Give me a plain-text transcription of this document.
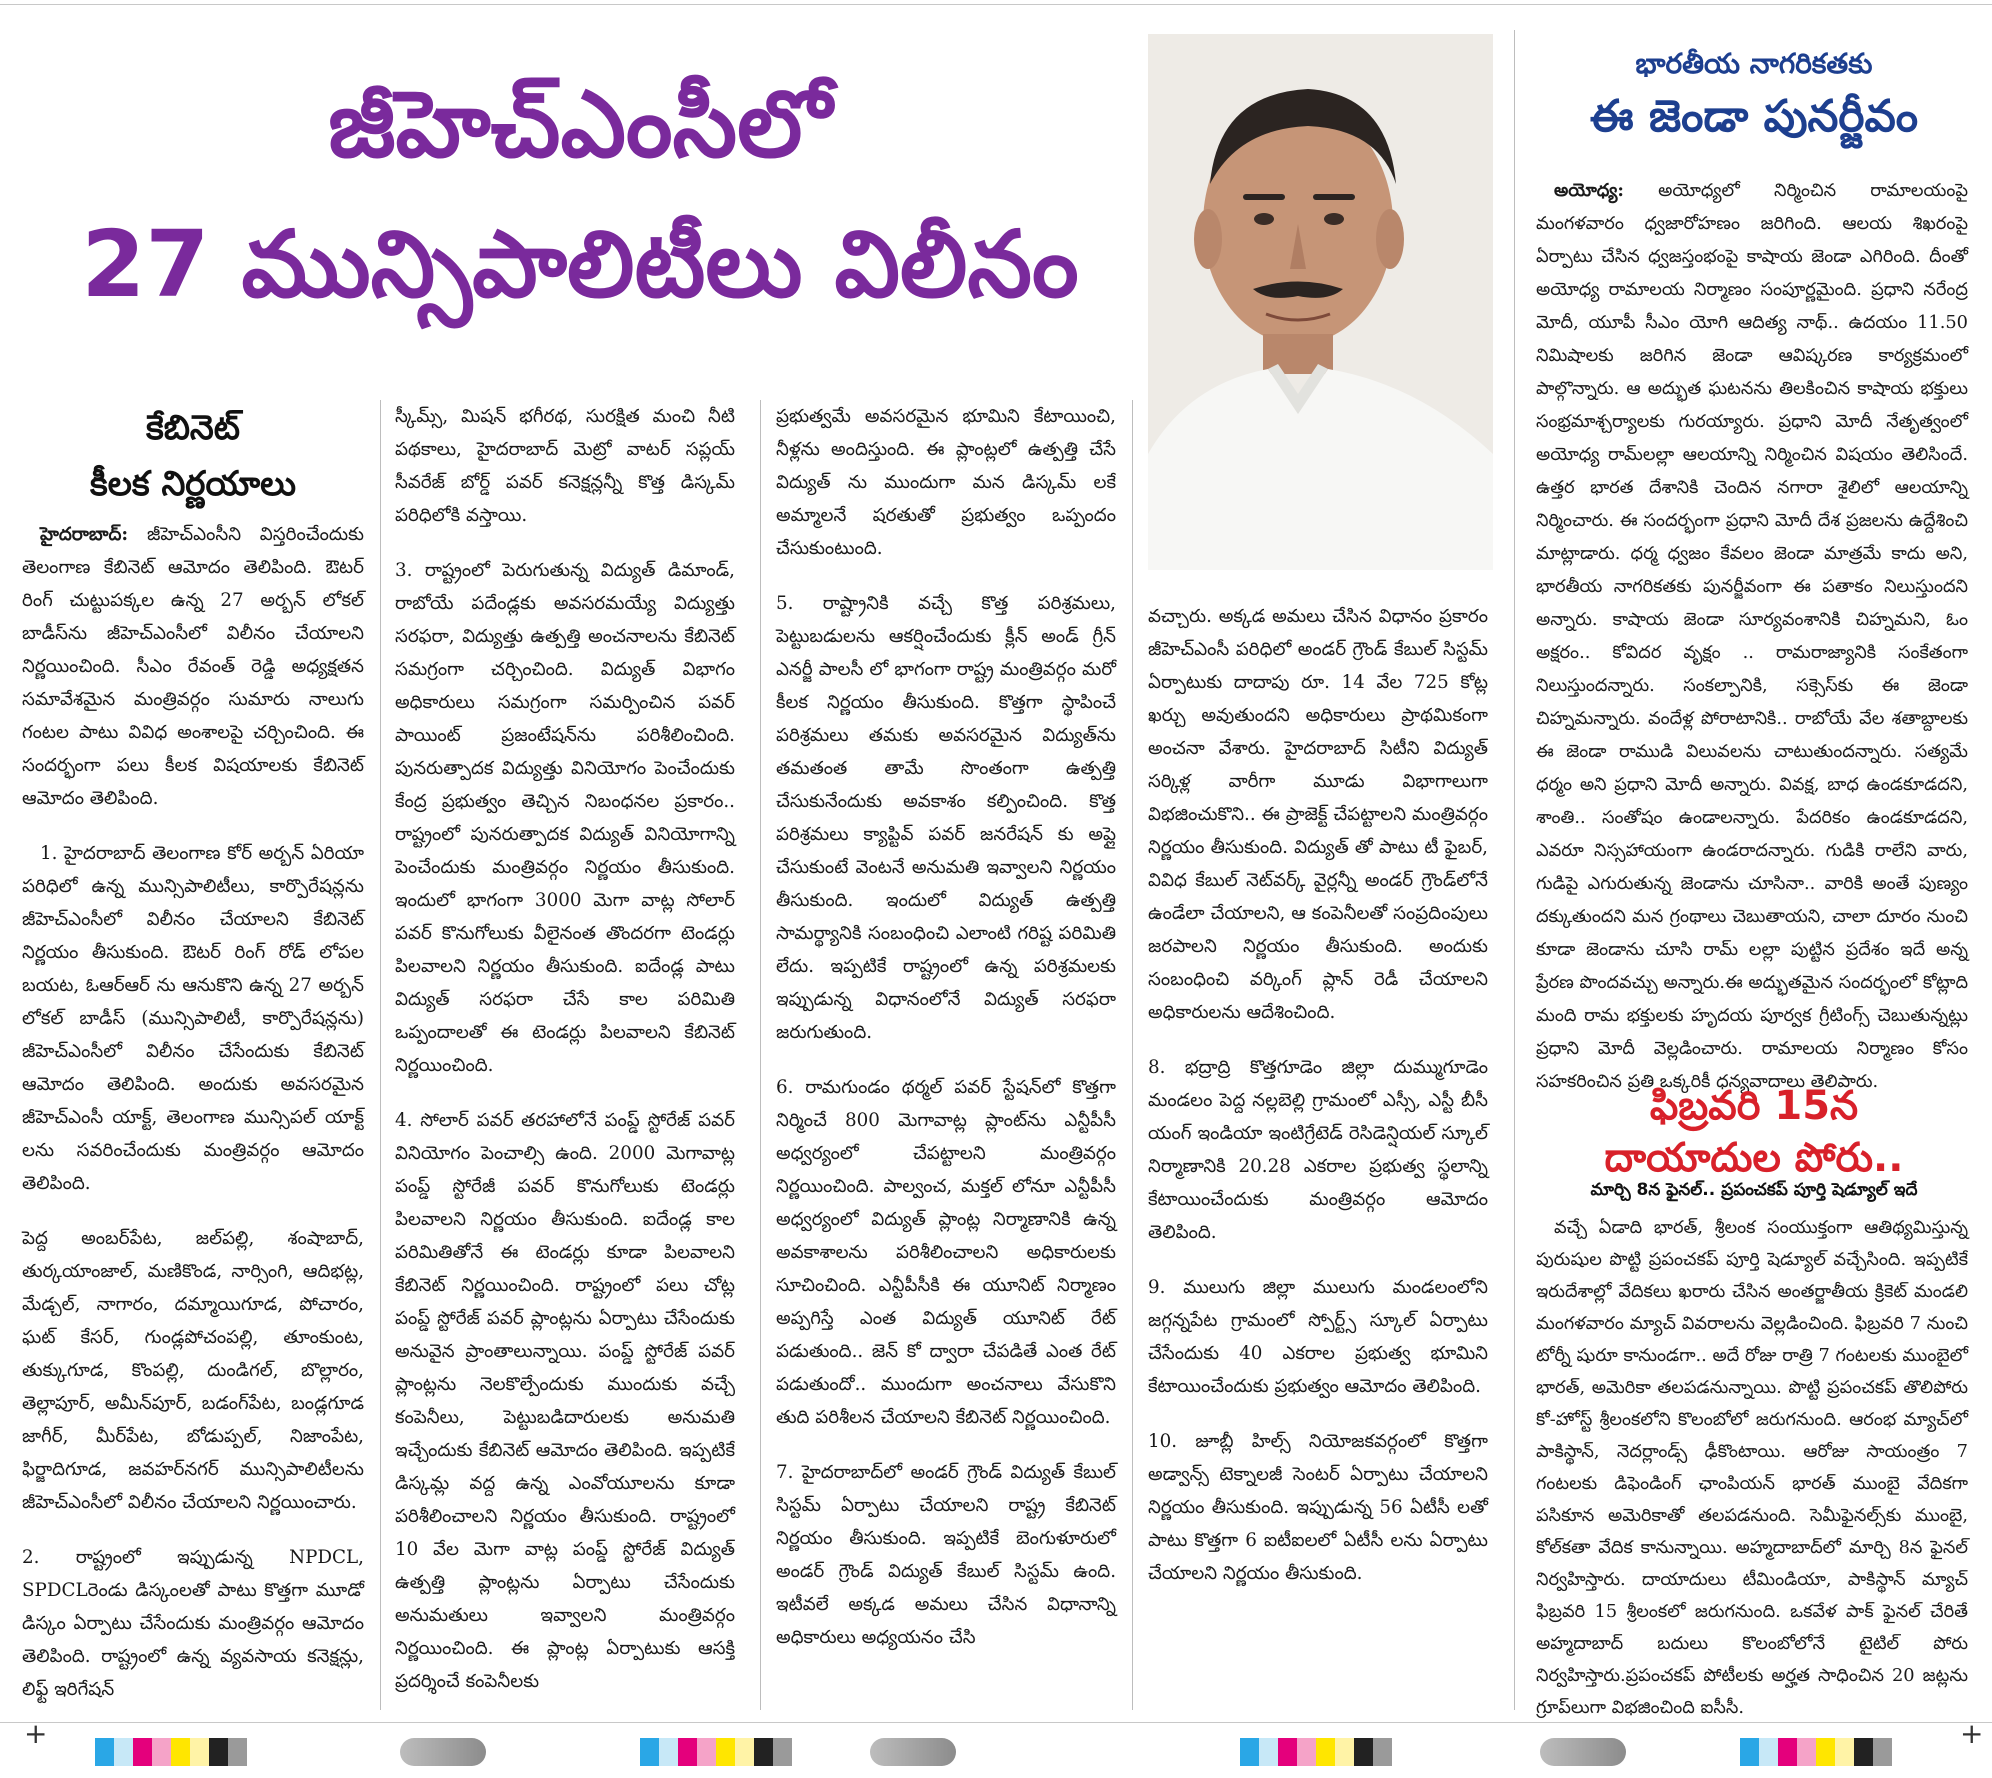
జీహెచ్ఎంసీలో
27 మున్సిపాలిటీలు విలీనం
కేబినెట్
కీలక నిర్ణయాలు

హైదరాబాద్: జీహెచ్ఎంసీని విస్తరించేందుకు తెలంగాణ కేబినెట్ ఆమోదం తెలిపింది. ఔటర్ రింగ్ చుట్టుపక్కల ఉన్న 27 అర్బన్ లోకల్ బాడీస్‌ను జీహెచ్ఎంసీలో విలీనం చేయాలని నిర్ణయించింది. సీఎం రేవంత్ రెడ్డి అధ్యక్షతన సమావేశమైన మంత్రివర్గం సుమారు నాలుగు గంటల పాటు వివిధ అంశాలపై చర్చించింది. ఈ సందర్భంగా పలు కీలక విషయాలకు కేబినెట్ ఆమోదం తెలిపింది.

1. హైదరాబాద్ తెలంగాణ కోర్ అర్బన్ ఏరియా పరిధిలో ఉన్న మున్సిపాలిటీలు, కార్పొరేషన్లను జీహెచ్ఎంసీలో విలీనం చేయాలని కేబినెట్ నిర్ణయం తీసుకుంది. ఔటర్ రింగ్ రోడ్ లోపల బయట, ఓఆర్ఆర్ ను ఆనుకొని ఉన్న 27 అర్బన్ లోకల్ బాడీస్ (మున్సిపాలిటీ, కార్పొరేషన్లను) జీహెచ్ఎంసీలో విలీనం చేసేందుకు కేబినెట్ ఆమోదం తెలిపింది. అందుకు అవసరమైన జీహెచ్ఎంసీ యాక్ట్, తెలంగాణ మున్సిపల్ యాక్ట్ లను సవరించేందుకు మంత్రివర్గం ఆమోదం తెలిపింది.

పెద్ద అంబర్‌పేట, జల్‌పల్లి, శంషాబాద్, తుర్కయాంజాల్, మణికొండ, నార్సింగి, ఆదిభట్ల, మేడ్చల్, నాగారం, దమ్మాయిగూడ, పోచారం, ఘట్ కేసర్, గుండ్లపోచంపల్లి, తూంకుంట, తుక్కుగూడ, కొంపల్లి, దుండిగల్, బొల్లారం, తెల్లాపూర్, అమీన్‌పూర్, బడంగ్‌పేట, బండ్లగూడ జాగీర్, మీర్‌పేట, బోడుప్పల్, నిజాంపేట, ఫిర్జాదిగూడ, జవహర్‌నగర్ మున్సిపాలిటీలను జీహెచ్ఎంసీలో విలీనం చేయాలని నిర్ణయించారు.

2. రాష్ట్రంలో ఇప్పుడున్న NPDCL, SPDCLరెండు డిస్కంలతో పాటు కొత్తగా మూడో డిస్కం ఏర్పాటు చేసేందుకు మంత్రివర్గం ఆమోదం తెలిపింది. రాష్ట్రంలో ఉన్న వ్యవసాయ కనెక్షన్లు, లిఫ్ట్ ఇరిగేషన్

స్కీమ్స్, మిషన్ భగీరథ, సురక్షిత మంచి నీటి పథకాలు, హైదరాబాద్ మెట్రో వాటర్ సప్లయ్ సీవరేజ్ బోర్డ్ పవర్ కనెక్షన్లన్నీ కొత్త డిస్కమ్ పరిధిలోకి వస్తాయి.

3. రాష్ట్రంలో పెరుగుతున్న విద్యుత్ డిమాండ్, రాబోయే పదేండ్లకు అవసరమయ్యే విద్యుత్తు సరఫరా, విద్యుత్తు ఉత్పత్తి అంచనాలను కేబినెట్ సమగ్రంగా చర్చించింది. విద్యుత్ విభాగం అధికారులు సమగ్రంగా సమర్పించిన పవర్ పాయింట్ ప్రజంటేషన్‌ను పరిశీలించింది. పునరుత్పాదక విద్యుత్తు వినియోగం పెంచేందుకు కేంద్ర ప్రభుత్వం తెచ్చిన నిబంధనల ప్రకారం.. రాష్ట్రంలో పునరుత్పాదక విద్యుత్ వినియోగాన్ని పెంచేందుకు మంత్రివర్గం నిర్ణయం తీసుకుంది. ఇందులో భాగంగా 3000 మెగా వాట్ల సోలార్ పవర్ కొనుగోలుకు వీలైనంత తొందరగా టెండర్లు పిలవాలని నిర్ణయం తీసుకుంది. ఐదేండ్ల పాటు విద్యుత్ సరఫరా చేసే కాల పరిమితి ఒప్పందాలతో ఈ టెండర్లు పిలవాలని కేబినెట్ నిర్ణయించింది.

4. సోలార్ పవర్ తరహాలోనే పంప్డ్ స్టోరేజ్ పవర్ వినియోగం పెంచాల్సి ఉంది. 2000 మెగావాట్ల పంప్డ్ స్టోరేజీ పవర్ కొనుగోలుకు టెండర్లు పిలవాలని నిర్ణయం తీసుకుంది. ఐదేండ్ల కాల పరిమితితోనే ఈ టెండర్లు కూడా పిలవాలని కేబినెట్ నిర్ణయించింది. రాష్ట్రంలో పలు చోట్ల పంప్డ్ స్టోరేజ్ పవర్ ప్లాంట్లను ఏర్పాటు చేసేందుకు అనువైన ప్రాంతాలున్నాయి. పంప్డ్ స్టోరేజ్ పవర్ ప్లాంట్లను నెలకొల్పేందుకు ముందుకు వచ్చే కంపెనీలు, పెట్టుబడిదారులకు అనుమతి ఇచ్చేందుకు కేబినెట్ ఆమోదం తెలిపింది. ఇప్పటికే డిస్కమ్ల వద్ద ఉన్న ఎంవోయూలను కూడా పరిశీలించాలని నిర్ణయం తీసుకుంది. రాష్ట్రంలో 10 వేల మెగా వాట్ల పంప్డ్ స్టోరేజ్ విద్యుత్ ఉత్పత్తి ప్లాంట్లను ఏర్పాటు చేసేందుకు అనుమతులు ఇవ్వాలని మంత్రివర్గం నిర్ణయించింది. ఈ ప్లాంట్ల ఏర్పాటుకు ఆసక్తి ప్రదర్శించే కంపెనీలకు

ప్రభుత్వమే అవసరమైన భూమిని కేటాయించి, నీళ్లను అందిస్తుంది. ఈ ప్లాంట్లలో ఉత్పత్తి చేసే విద్యుత్ ను ముందుగా మన డిస్కమ్ లకే అమ్మాలనే షరతుతో ప్రభుత్వం ఒప్పందం చేసుకుంటుంది.

5. రాష్ట్రానికి వచ్చే కొత్త పరిశ్రమలు, పెట్టుబడులను ఆకర్షించేందుకు క్లీన్ అండ్ గ్రీన్ ఎనర్జీ పాలసీ లో భాగంగా రాష్ట్ర మంత్రివర్గం మరో కీలక నిర్ణయం తీసుకుంది. కొత్తగా స్థాపించే పరిశ్రమలు తమకు అవసరమైన విద్యుత్‌ను తమతంత తామే సొంతంగా ఉత్పత్తి చేసుకునేందుకు అవకాశం కల్పించింది. కొత్త పరిశ్రమలు క్యాప్టివ్ పవర్ జనరేషన్ కు అప్లై చేసుకుంటే వెంటనే అనుమతి ఇవ్వాలని నిర్ణయం తీసుకుంది. ఇందులో విద్యుత్ ఉత్పత్తి సామర్థ్యానికి సంబంధించి ఎలాంటి గరిష్ట పరిమితి లేదు. ఇప్పటికే రాష్ట్రంలో ఉన్న పరిశ్రమలకు ఇప్పుడున్న విధానంలోనే విద్యుత్ సరఫరా జరుగుతుంది.

6. రామగుండం థర్మల్ పవర్ స్టేషన్‌లో కొత్తగా నిర్మించే 800 మెగావాట్ల ప్లాంట్‌ను ఎన్టీపీసీ అధ్వర్యంలో చేపట్టాలని మంత్రివర్గం నిర్ణయించింది. పాల్వంచ, మక్తల్ లోనూ ఎన్టీపీసీ అధ్వర్యంలో విద్యుత్ ప్లాంట్ల నిర్మాణానికి ఉన్న అవకాశాలను పరిశీలించాలని అధికారులకు సూచించింది. ఎన్టీపీసీకి ఈ యూనిట్ నిర్మాణం అప్పగిస్తే ఎంత విద్యుత్ యూనిట్ రేట్ పడుతుంది.. జెన్ కో ద్వారా చేపడితే ఎంత రేట్ పడుతుందో.. ముందుగా అంచనాలు వేసుకొని తుది పరిశీలన చేయాలని కేబినెట్ నిర్ణయించింది.

7. హైదరాబాద్‌లో అండర్ గ్రౌండ్ విద్యుత్ కేబుల్ సిస్టమ్ ఏర్పాటు చేయాలని రాష్ట్ర కేబినెట్ నిర్ణయం తీసుకుంది. ఇప్పటికే బెంగుళూరులో అండర్ గ్రౌండ్ విద్యుత్ కేబుల్ సిస్టమ్ ఉంది. ఇటీవలే అక్కడ అమలు చేసిన విధానాన్ని అధికారులు అధ్యయనం చేసి

వచ్చారు. అక్కడ అమలు చేసిన విధానం ప్రకారం జీహెచ్ఎంసీ పరిధిలో అండర్ గ్రౌండ్ కేబుల్ సిస్టమ్ ఏర్పాటుకు దాదాపు రూ. 14 వేల 725 కోట్ల ఖర్చు అవుతుందని అధికారులు ప్రాథమికంగా అంచనా వేశారు. హైదరాబాద్ సిటీని విద్యుత్ సర్కిళ్ల వారీగా మూడు విభాగాలుగా విభజించుకొని.. ఈ ప్రాజెక్ట్ చేపట్టాలని మంత్రివర్గం నిర్ణయం తీసుకుంది. విద్యుత్ తో పాటు టీ ఫైబర్, వివిధ కేబుల్ నెట్‌వర్క్ వైర్లన్నీ అండర్ గ్రౌండ్‌లోనే ఉండేలా చేయాలని, ఆ కంపెనీలతో సంప్రదింపులు జరపాలని నిర్ణయం తీసుకుంది. అందుకు సంబంధించి వర్కింగ్ ప్లాన్ రెడీ చేయాలని అధికారులను ఆదేశించింది.

8. భద్రాద్రి కొత్తగూడెం జిల్లా దుమ్ముగూడెం మండలం పెద్ద నల్లబెల్లి గ్రామంలో ఎస్సీ, ఎస్టీ బీసీ యంగ్ ఇండియా ఇంటిగ్రేటెడ్ రెసిడెన్షియల్ స్కూల్ నిర్మాణానికి 20.28 ఎకరాల ప్రభుత్వ స్థలాన్ని కేటాయించేందుకు మంత్రివర్గం ఆమోదం తెలిపింది.

9. ములుగు జిల్లా ములుగు మండలంలోని జగ్గన్నపేట గ్రామంలో స్పోర్ట్స్ స్కూల్ ఏర్పాటు చేసేందుకు 40 ఎకరాల ప్రభుత్వ భూమిని కేటాయించేందుకు ప్రభుత్వం ఆమోదం తెలిపింది.

10. జూబ్లీ హిల్స్ నియోజకవర్గంలో కొత్తగా అడ్వాన్స్ టెక్నాలజీ సెంటర్ ఏర్పాటు చేయాలని నిర్ణయం తీసుకుంది. ఇప్పుడున్న 56 ఏటీసీ లతో పాటు కొత్తగా 6 ఐటీఐలలో ఏటీసీ లను ఏర్పాటు చేయాలని నిర్ణయం తీసుకుంది.

భారతీయ నాగరికతకు
ఈ జెండా పునర్జీవం

అయోధ్య: అయోధ్యలో నిర్మించిన రామాలయంపై మంగళవారం ధ్వజారోహణం జరిగింది. ఆలయ శిఖరంపై ఏర్పాటు చేసిన ధ్వజస్తంభంపై కాషాయ జెండా ఎగిరింది. దీంతో అయోధ్య రామాలయ నిర్మాణం సంపూర్ణమైంది. ప్రధాని నరేంద్ర మోదీ, యూపీ సీఎం యోగి ఆదిత్య నాథ్.. ఉదయం 11.50 నిమిషాలకు జరిగిన జెండా ఆవిష్కరణ కార్యక్రమంలో పాల్గొన్నారు. ఆ అద్భుత ఘటనను తిలకించిన కాషాయ భక్తులు సంభ్రమాశ్చర్యాలకు గురయ్యారు. ప్రధాని మోదీ నేతృత్వంలో అయోధ్య రామ్‌లల్లా ఆలయాన్ని నిర్మించిన విషయం తెలిసిందే. ఉత్తర భారత దేశానికి చెందిన నగారా శైలిలో ఆలయాన్ని నిర్మించారు. ఈ సందర్భంగా ప్రధాని మోదీ దేశ ప్రజలను ఉద్దేశించి మాట్లాడారు. ధర్మ ధ్వజం కేవలం జెండా మాత్రమే కాదు అని, భారతీయ నాగరికతకు పునర్జీవంగా ఈ పతాకం నిలుస్తుందని అన్నారు. కాషాయ జెండా సూర్యవంశానికి చిహ్నమని, ఓం అక్షరం.. కోవిదర వృక్షం .. రామరాజ్యానికి సంకేతంగా నిలుస్తుందన్నారు. సంకల్పానికి, సక్సెస్‌కు ఈ జెండా చిహ్నమన్నారు. వందేళ్ల పోరాటానికి.. రాబోయే వేల శతాబ్దాలకు ఈ జెండా రాముడి విలువలను చాటుతుందన్నారు. సత్యమే ధర్మం అని ప్రధాని మోదీ అన్నారు. వివక్ష, బాధ ఉండకూడదని, శాంతి.. సంతోషం ఉండాలన్నారు. పేదరికం ఉండకూడదని, ఎవరూ నిస్సహాయంగా ఉండరాదన్నారు. గుడికి రాలేని వారు, గుడిపై ఎగురుతున్న జెండాను చూసినా.. వారికి అంతే పుణ్యం దక్కుతుందని మన గ్రంథాలు చెబుతాయని, చాలా దూరం నుంచి కూడా జెండాను చూసి రామ్ లల్లా పుట్టిన ప్రదేశం ఇదే అన్న ప్రేరణ పొందవచ్చు అన్నారు.ఈ అద్భుతమైన సందర్భంలో కోట్లాది మంది రామ భక్తులకు హృదయ పూర్వక గ్రీటింగ్స్ చెబుతున్నట్లు ప్రధాని మోదీ వెల్లడించారు. రామాలయ నిర్మాణం కోసం సహకరించిన ప్రతి ఒక్కరికీ ధన్యవాదాలు తెలిపారు.

ఫిబ్రవరి 15న
దాయాదుల పోరు..
మార్చి 8న ఫైనల్.. ప్రపంచకప్ పూర్తి షెడ్యూల్ ఇదే

వచ్చే ఏడాది భారత్, శ్రీలంక సంయుక్తంగా ఆతిథ్యమిస్తున్న పురుషుల పొట్టి ప్రపంచకప్ పూర్తి షెడ్యూల్ వచ్చేసింది. ఇప్పటికే ఇరుదేశాల్లో వేదికలు ఖరారు చేసిన అంతర్జాతీయ క్రికెట్ మండలి మంగళవారం మ్యాచ్ వివరాలను వెల్లడించింది. ఫిబ్రవరి 7 నుంచి టోర్నీ షురూ కానుండగా.. అదే రోజు రాత్రి 7 గంటలకు ముంబైలో భారత్, అమెరికా తలపడనున్నాయి. పొట్టి ప్రపంచకప్ తొలిపోరు కో-హోస్ట్ శ్రీలంకలోని కొలంబోలో జరుగనుంది. ఆరంభ మ్యాచ్‌లో పాకిస్థాన్, నెదర్లాండ్స్ ఢీకొంటాయి. ఆరోజు సాయంత్రం 7 గంటలకు డిఫెండింగ్ ఛాంపియన్ భారత్ ముంబై వేదికగా పసికూన అమెరికాతో తలపడనుంది. సెమీఫైనల్స్‌కు ముంబై, కోల్‌కతా వేదిక కానున్నాయి. అహ్మదాబాద్‌లో మార్చి 8న ఫైనల్ నిర్వహిస్తారు. దాయాదులు టీమిండియా, పాకిస్థాన్ మ్యాచ్ ఫిబ్రవరి 15 శ్రీలంకలో జరుగనుంది. ఒకవేళ పాక్ ఫైనల్ చేరితే అహ్మదాబాద్ బదులు కొలంబోలోనే టైటిల్ పోరు నిర్వహిస్తారు.ప్రపంచకప్ పోటీలకు అర్హత సాధించిన 20 జట్లను గ్రూప్‌లుగా విభజించింది ఐసీసీ.

+	+
